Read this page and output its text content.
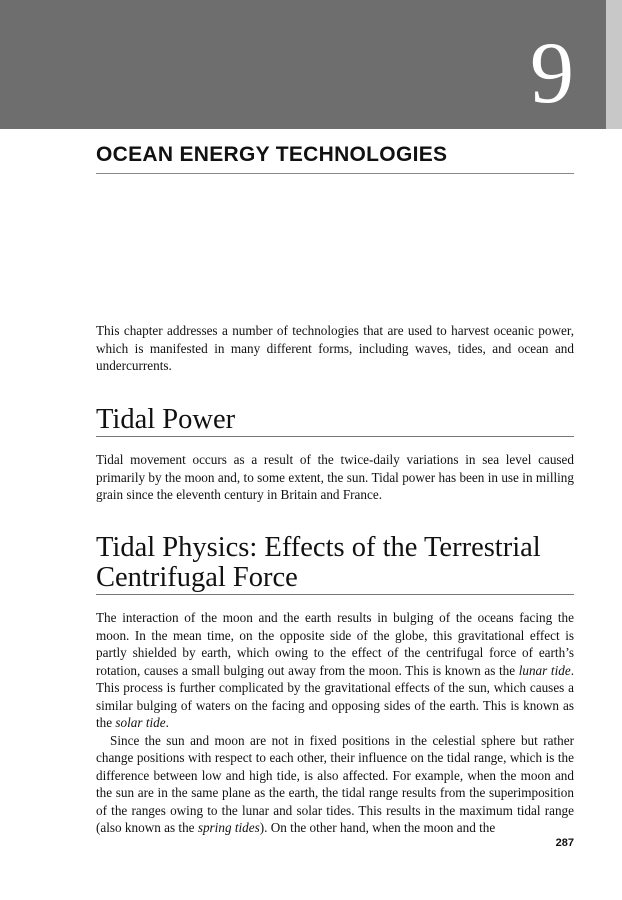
9
OCEAN ENERGY TECHNOLOGIES

This chapter addresses a number of technologies that are used to harvest oceanic power, which is manifested in many different forms, including waves, tides, and ocean and undercurrents.

Tidal Power

Tidal movement occurs as a result of the twice-daily variations in sea level caused primarily by the moon and, to some extent, the sun. Tidal power has been in use in milling grain since the eleventh century in Britain and France.

Tidal Physics: Effects of the Terrestrial Centrifugal Force

The interaction of the moon and the earth results in bulging of the oceans facing the moon. In the mean time, on the opposite side of the globe, this gravitational effect is partly shielded by earth, which owing to the effect of the centrifugal force of earth’s rotation, causes a small bulging out away from the moon. This is known as the lunar tide. This process is further complicated by the gravitational effects of the sun, which causes a similar bulging of waters on the facing and opposing sides of the earth. This is known as the solar tide.

Since the sun and moon are not in fixed positions in the celestial sphere but rather change positions with respect to each other, their influence on the tidal range, which is the difference between low and high tide, is also affected. For example, when the moon and the sun are in the same plane as the earth, the tidal range results from the superimposition of the ranges owing to the lunar and solar tides. This results in the maximum tidal range (also known as the spring tides). On the other hand, when the moon and the

287
